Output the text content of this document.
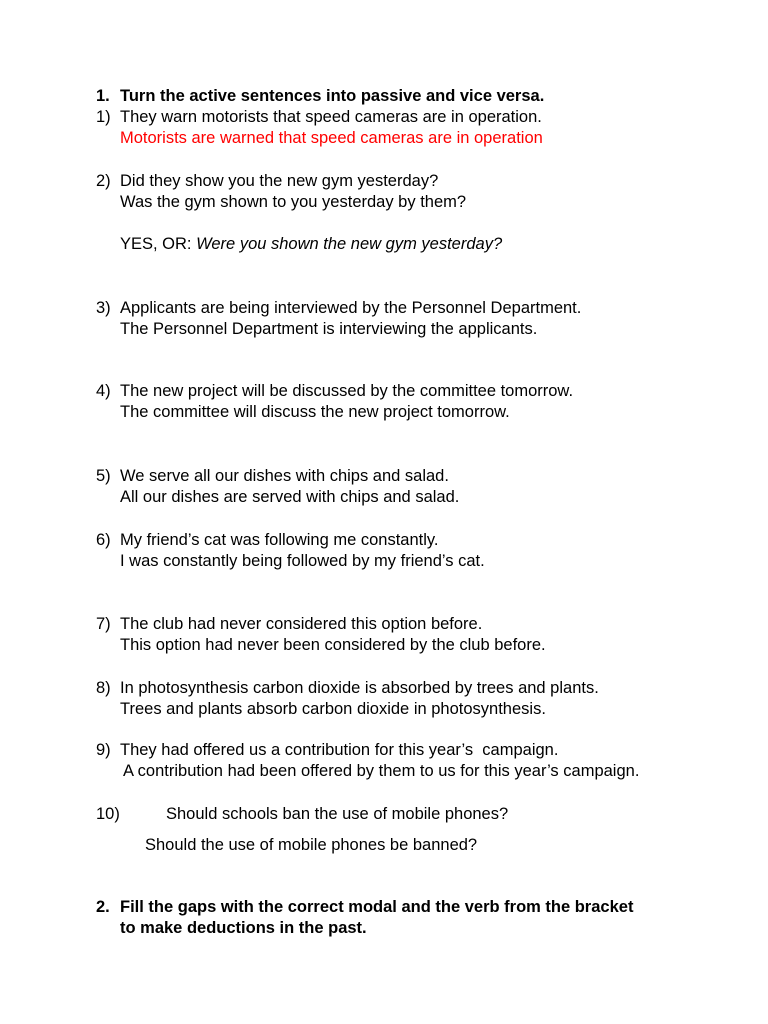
1. Turn the active sentences into passive and vice versa.
1) They warn motorists that speed cameras are in operation.
Motorists are warned that speed cameras are in operation
2) Did they show you the new gym yesterday?
Was the gym shown to you yesterday by them?
YES, OR: Were you shown the new gym yesterday?
3) Applicants are being interviewed by the Personnel Department.
The Personnel Department is interviewing the applicants.
4) The new project will be discussed by the committee tomorrow.
The committee will discuss the new project tomorrow.
5) We serve all our dishes with chips and salad.
All our dishes are served with chips and salad.
6) My friend’s cat was following me constantly.
I was constantly being followed by my friend’s cat.
7) The club had never considered this option before.
This option had never been considered by the club before.
8) In photosynthesis carbon dioxide is absorbed by trees and plants.
Trees and plants absorb carbon dioxide in photosynthesis.
9) They had offered us a contribution for this year’s  campaign.
A contribution had been offered by them to us for this year’s campaign.
10)	Should schools ban the use of mobile phones?
Should the use of mobile phones be banned?
2. Fill the gaps with the correct modal and the verb from the bracket
to make deductions in the past.
